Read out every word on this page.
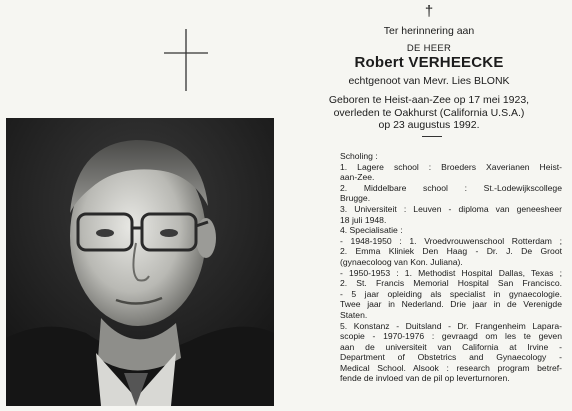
†
Ter herinnering aan
DE HEER
Robert VERHEECKE
echtgenoot van Mevr. Lies BLONK
Geboren te Heist-aan-Zee op 17 mei 1923,
overleden te Oakhurst (California U.S.A.)
op 23 augustus 1992.
Scholing :
1. Lagere school : Broeders Xaverianen Heist-
aan-Zee.
2. Middelbare school : St.-Lodewijkscollege
Brugge.
3. Universiteit : Leuven - diploma van geneesheer
18 juli 1948.
4. Specialisatie :
- 1948-1950 : 1. Vroedvrouwenschool Rotterdam ;
2. Emma Kliniek Den Haag - Dr. J. De Groot
(gynaecoloog van Kon. Juliana).
- 1950-1953 : 1. Methodist Hospital Dallas, Texas ;
2. St. Francis Memorial Hospital San Francisco.
- 5 jaar opleiding als specialist in gynaecologie.
Twee jaar in Nederland. Drie jaar in de Verenigde
Staten.
5. Konstanz - Duitsland - Dr. Frangenheim Lapara-
scopie - 1970-1976 : gevraagd om les te geven
aan de universiteit van California at Irvine -
Department of Obstetrics and Gynaecology -
Medical School. Alsook : research program betref-
fende de invloed van de pil op leverturnoren.
